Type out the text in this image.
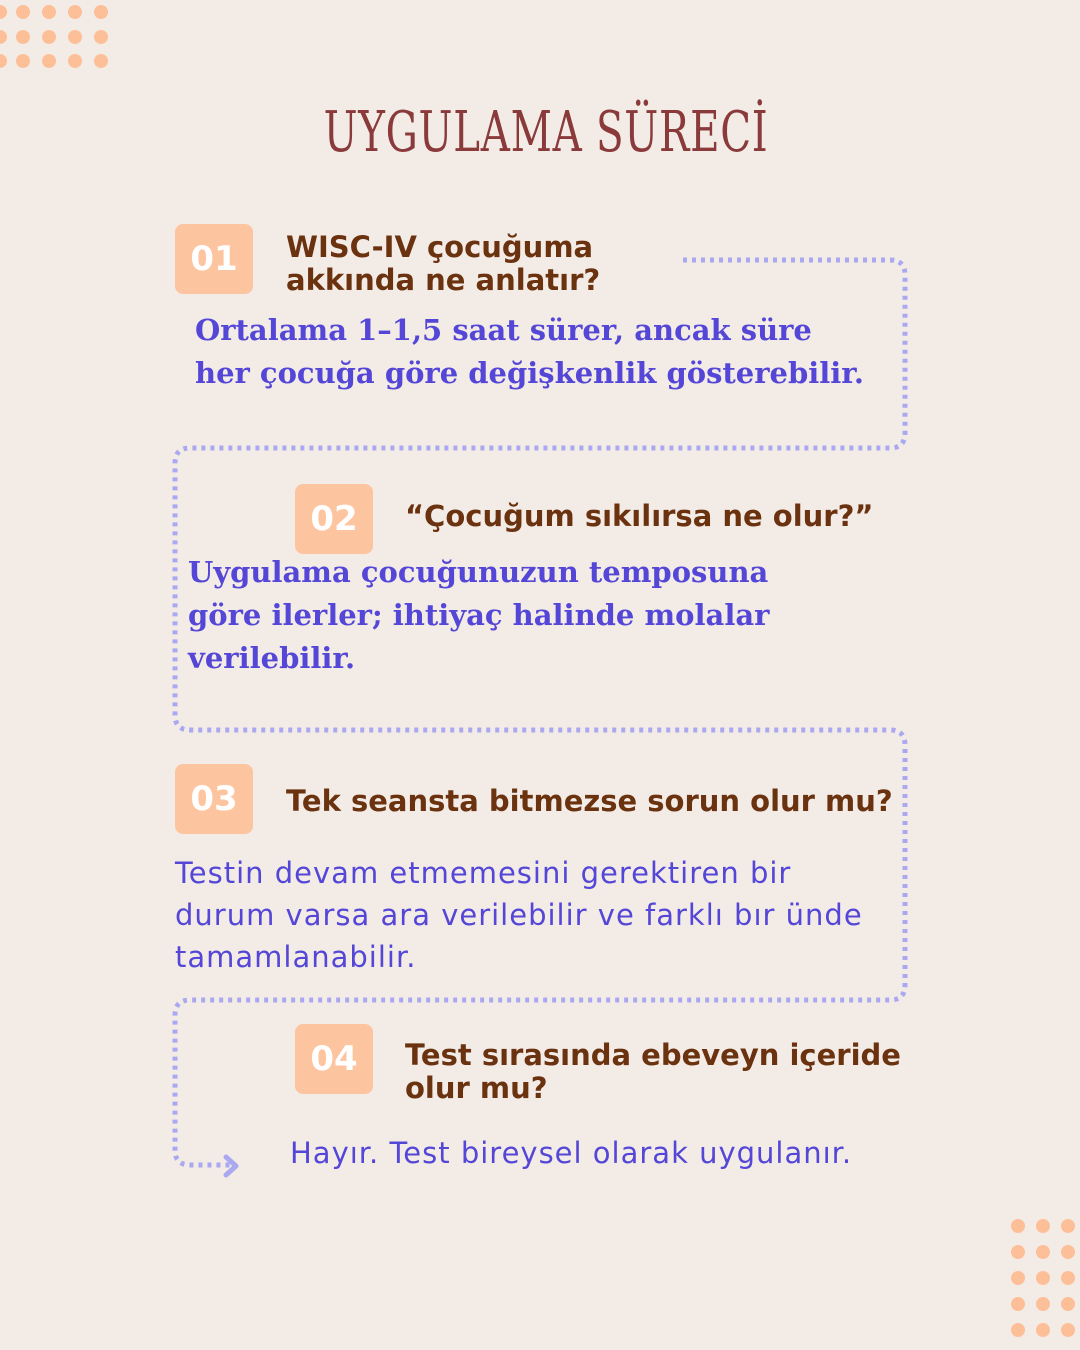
UYGULAMA SÜRECİ
01	WISC-IV çocuğuma akkında ne anlatır?
Ortalama 1–1,5 saat sürer, ancak süre her çocuğa göre değişkenlik gösterebilir.
02	“Çocuğum sıkılırsa ne olur?”
Uygulama çocuğunuzun temposuna göre ilerler; ihtiyaç halinde molalar verilebilir.
03	Tek seansta bitmezse sorun olur mu?
Testin devam etmemesini gerektiren bir durum varsa ara verilebilir ve farklı bır ünde tamamlanabilir.
04	Test sırasında ebeveyn içeride olur mu?
Hayır. Test bireysel olarak uygulanır.
